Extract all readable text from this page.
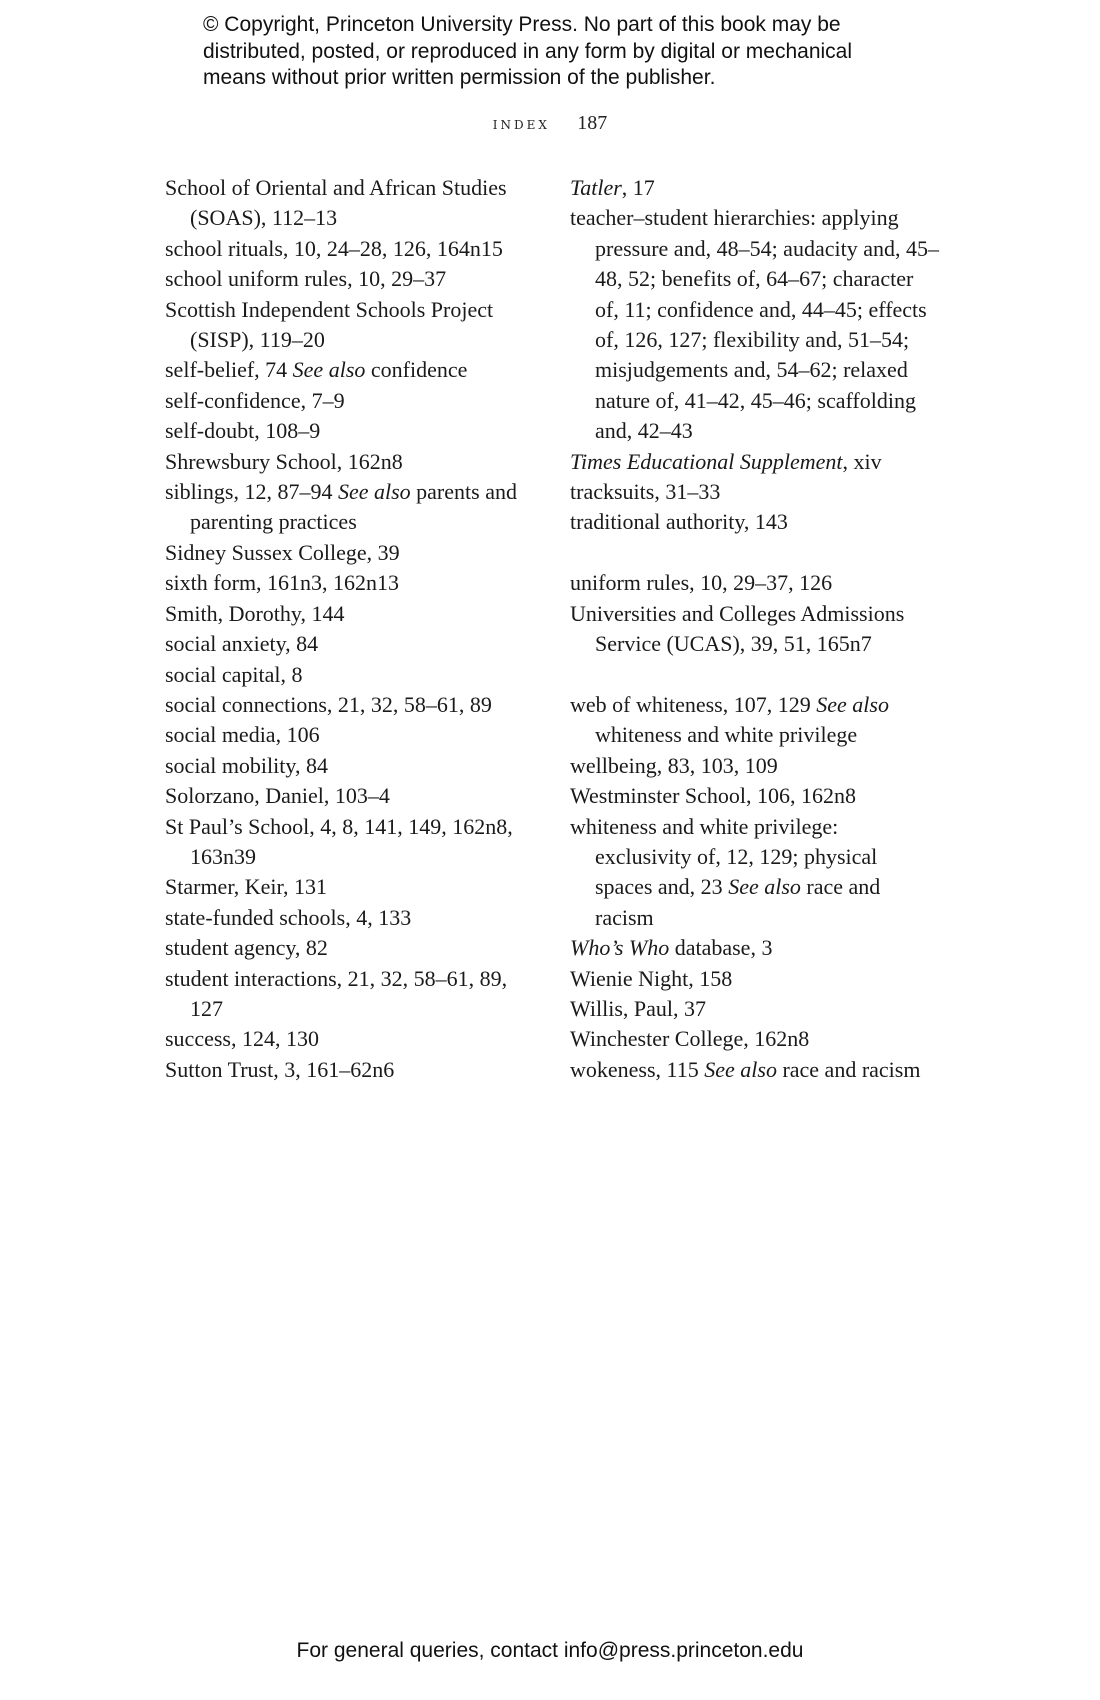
© Copyright, Princeton University Press. No part of this book may be
distributed, posted, or reproduced in any form by digital or mechanical
means without prior written permission of the publisher.
index 187

School of Oriental and African Studies (SOAS), 112–13

school rituals, 10, 24–28, 126, 164n15

school uniform rules, 10, 29–37

Scottish Independent Schools Project (SISP), 119–20

self-belief, 74 See also confidence

self-confidence, 7–9

self-doubt, 108–9

Shrewsbury School, 162n8

siblings, 12, 87–94 See also parents and parenting practices

Sidney Sussex College, 39

sixth form, 161n3, 162n13

Smith, Dorothy, 144

social anxiety, 84

social capital, 8

social connections, 21, 32, 58–61, 89

social media, 106

social mobility, 84

Solorzano, Daniel, 103–4

St Paul’s School, 4, 8, 141, 149, 162n8, 163n39

Starmer, Keir, 131

state-funded schools, 4, 133

student agency, 82

student interactions, 21, 32, 58–61, 89, 127

success, 124, 130

Sutton Trust, 3, 161–62n6

Tatler, 17

teacher–student hierarchies: applying pressure and, 48–54; audacity and, 45–48, 52; benefits of, 64–67; character of, 11; confidence and, 44–45; effects of, 126, 127; flexibility and, 51–54; misjudgements and, 54–62; relaxed nature of, 41–42, 45–46; scaffolding and, 42–43

Times Educational Supplement, xiv

tracksuits, 31–33

traditional authority, 143

uniform rules, 10, 29–37, 126

Universities and Colleges Admissions Service (UCAS), 39, 51, 165n7

web of whiteness, 107, 129 See also whiteness and white privilege

wellbeing, 83, 103, 109

Westminster School, 106, 162n8

whiteness and white privilege: exclusivity of, 12, 129; physical spaces and, 23 See also race and racism

Who’s Who database, 3

Wienie Night, 158

Willis, Paul, 37

Winchester College, 162n8

wokeness, 115 See also race and racism

For general queries, contact info@press.princeton.edu
